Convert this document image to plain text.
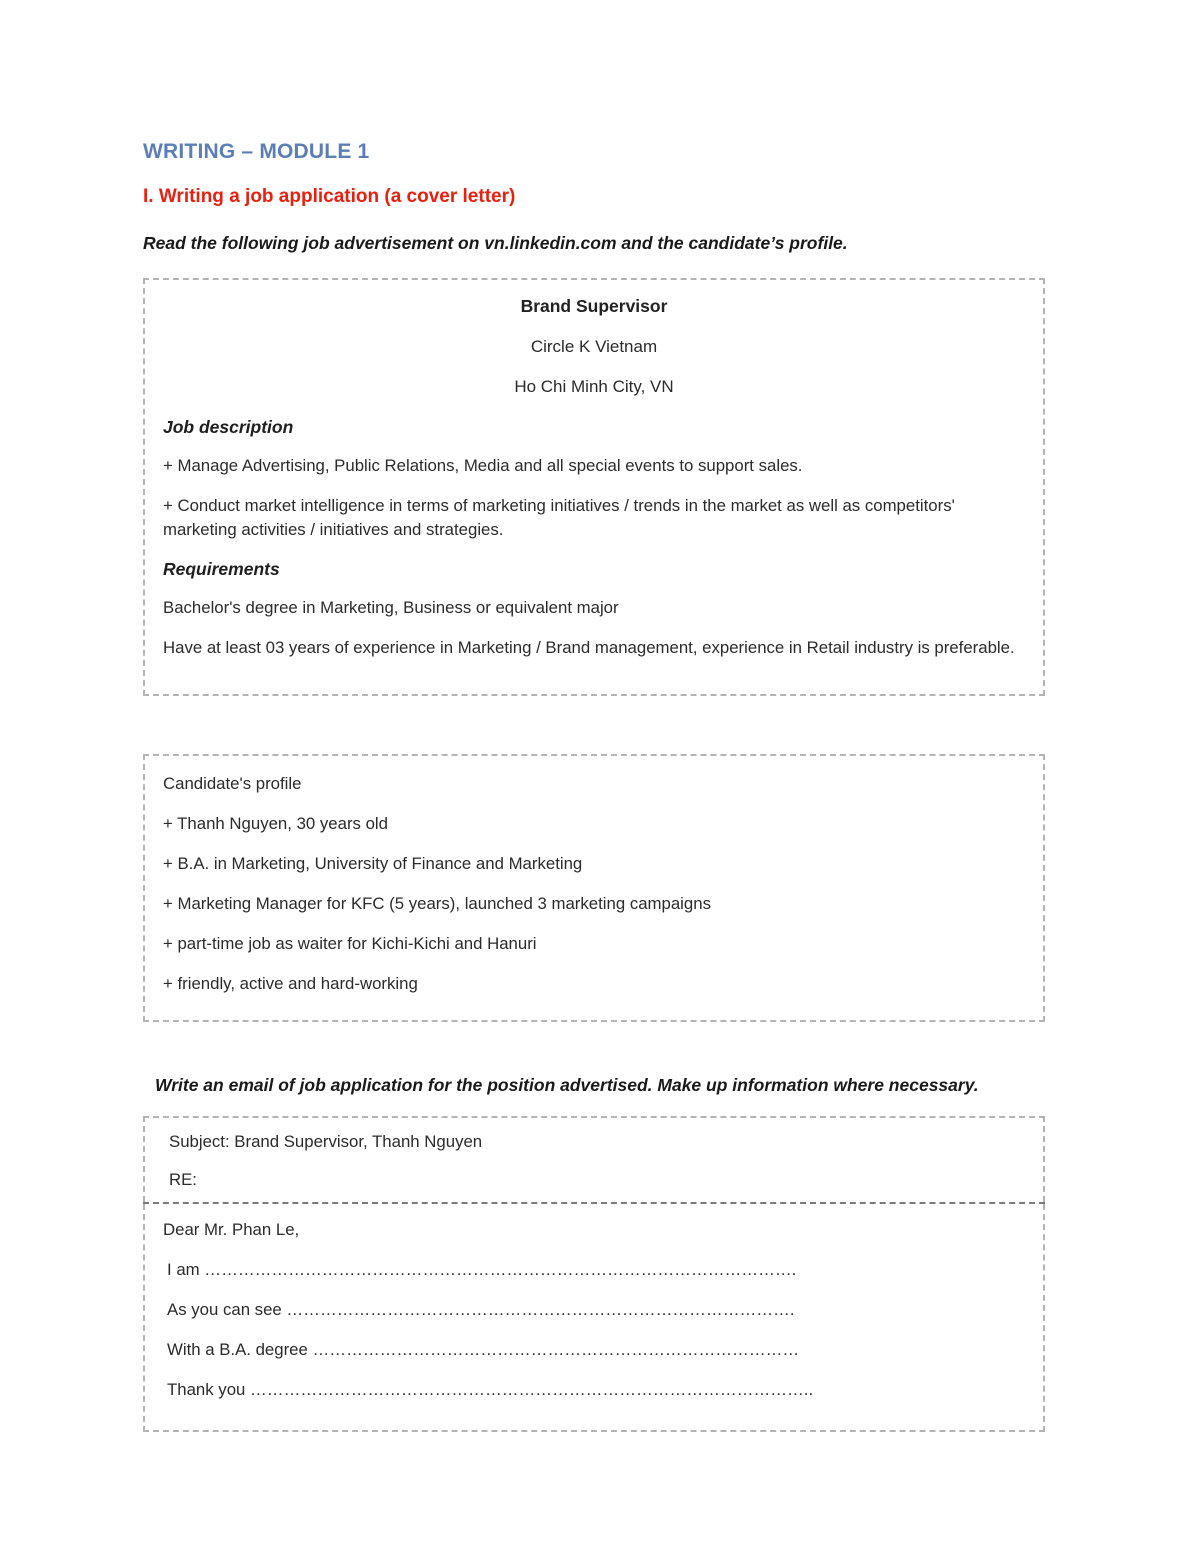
WRITING – MODULE 1
I. Writing a job application (a cover letter)

Read the following job advertisement on vn.linkedin.com and the candidate’s profile.

Brand Supervisor

Circle K Vietnam

Ho Chi Minh City, VN

Job description

+ Manage Advertising, Public Relations, Media and all special events to support sales.

+ Conduct market intelligence in terms of marketing initiatives / trends in the market as well as competitors' marketing activities / initiatives and strategies.

Requirements

Bachelor's degree in Marketing, Business or equivalent major

Have at least 03 years of experience in Marketing / Brand management, experience in Retail industry is preferable.

Candidate's profile

+ Thanh Nguyen, 30 years old

+ B.A. in Marketing, University of Finance and Marketing

+ Marketing Manager for KFC (5 years), launched 3 marketing campaigns

+ part-time job as waiter for Kichi-Kichi and Hanuri

+ friendly, active and hard-working

Write an email of job application for the position advertised. Make up information where necessary.

Subject: Brand Supervisor, Thanh Nguyen

RE:

Dear Mr. Phan Le,

I am …………………………………………………………………………………………….

As you can see ……………………………………………………………………………….

With a B.A. degree ……………………………………………………………………………

Thank you ………………………………………………………………………………………..
